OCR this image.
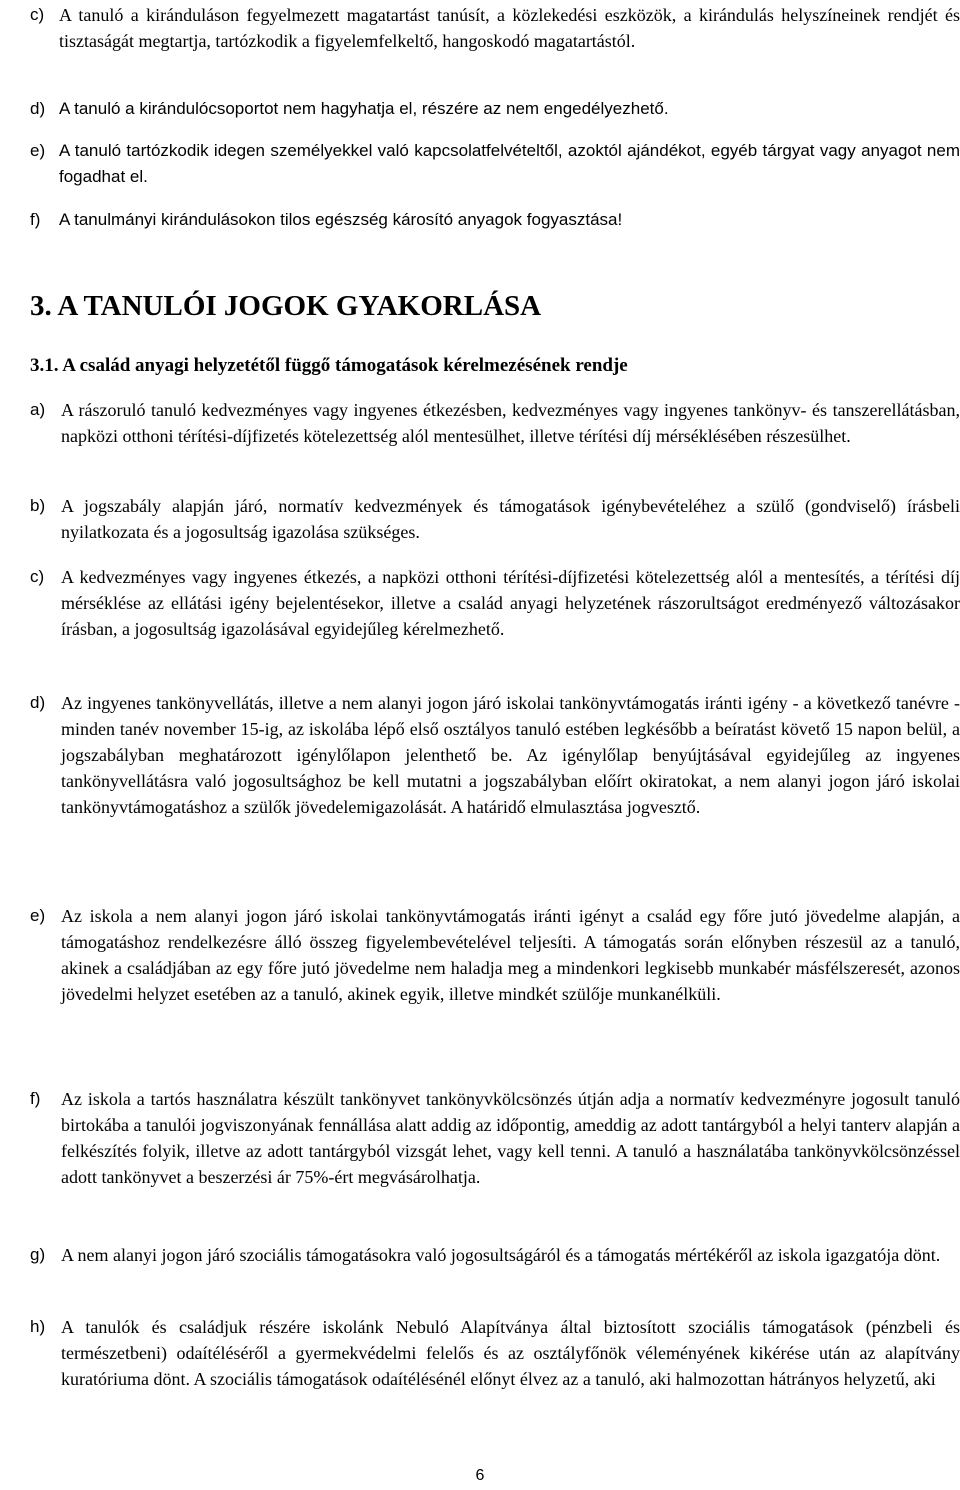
c) A tanuló a kiránduláson fegyelmezett magatartást tanúsít, a közlekedési eszközök, a kirándulás helyszíneinek rendjét és tisztaságát megtartja, tartózkodik a figyelemfelkeltő, hangoskodó magatartástól.

d) A tanuló a kirándulócsoportot nem hagyhatja el, részére az nem engedélyezhető.

e) A tanuló tartózkodik idegen személyekkel való kapcsolatfelvételtől, azoktól ajándékot, egyéb tárgyat vagy anyagot nem fogadhat el.

f)	A tanulmányi kirándulásokon tilos egészség károsító anyagok fogyasztása!

3. A TANULÓI JOGOK GYAKORLÁSA
3.1. A család anyagi helyzetétől függő támogatások kérelmezésének rendje

a) A rászoruló tanuló kedvezményes vagy ingyenes étkezésben, kedvezményes vagy ingyenes tankönyv- és tanszerellátásban, napközi otthoni térítési-díjfizetés kötelezettség alól mentesülhet, illetve térítési díj mérséklésében részesülhet.

b) A jogszabály alapján járó, normatív kedvezmények és támogatások igénybevételéhez a szülő (gondviselő) írásbeli nyilatkozata és a jogosultság igazolása szükséges.

c) A kedvezményes vagy ingyenes étkezés, a napközi otthoni térítési-díjfizetési kötelezettség alól a mentesítés, a térítési díj mérséklése az ellátási igény bejelentésekor, illetve a család anyagi helyzetének rászorultságot eredményező változásakor írásban, a jogosultság igazolásával egyidejűleg kérelmezhető.

d) Az ingyenes tankönyvellátás, illetve a nem alanyi jogon járó iskolai tankönyvtámogatás iránti igény - a következő tanévre - minden tanév november 15-ig, az iskolába lépő első osztályos tanuló estében legkésőbb a beíratást követő 15 napon belül, a jogszabályban meghatározott igénylőlapon jelenthető be. Az igénylőlap benyújtásával egyidejűleg az ingyenes tankönyvellátásra való jogosultsághoz be kell mutatni a jogszabályban előírt okiratokat, a nem alanyi jogon járó iskolai tankönyvtámogatáshoz a szülők jövedelemigazolását. A határidő elmulasztása jogvesztő.

e) Az iskola a nem alanyi jogon járó iskolai tankönyvtámogatás iránti igényt a család egy főre jutó jövedelme alapján, a támogatáshoz rendelkezésre álló összeg figyelembevételével teljesíti. A támogatás során előnyben részesül az a tanuló, akinek a családjában az egy főre jutó jövedelme nem haladja meg a mindenkori legkisebb munkabér másfélszeresét, azonos jövedelmi helyzet esetében az a tanuló, akinek egyik, illetve mindkét szülője munkanélküli.

f)	Az iskola a tartós használatra készült tankönyvet tankönyvkölcsönzés útján adja a normatív kedvezményre jogosult tanuló birtokába a tanulói jogviszonyának fennállása alatt addig az időpontig, ameddig az adott tantárgyból a helyi tanterv alapján a felkészítés folyik, illetve az adott tantárgyból vizsgát lehet, vagy kell tenni. A tanuló a használatába tankönyvkölcsönzéssel adott tankönyvet a beszerzési ár 75%-ért megvásárolhatja.

g) A nem alanyi jogon járó szociális támogatásokra való jogosultságáról és a támogatás mértékéről az iskola igazgatója dönt.

h) A tanulók és családjuk részére iskolánk Nebuló Alapítványa által biztosított szociális támogatások (pénzbeli és természetbeni) odaítéléséről a gyermekvédelmi felelős és az osztályfőnök véleményének kikérése után az alapítvány kuratóriuma dönt. A szociális támogatások odaítélésénél előnyt élvez az a tanuló, aki halmozottan hátrányos helyzetű, aki

6
